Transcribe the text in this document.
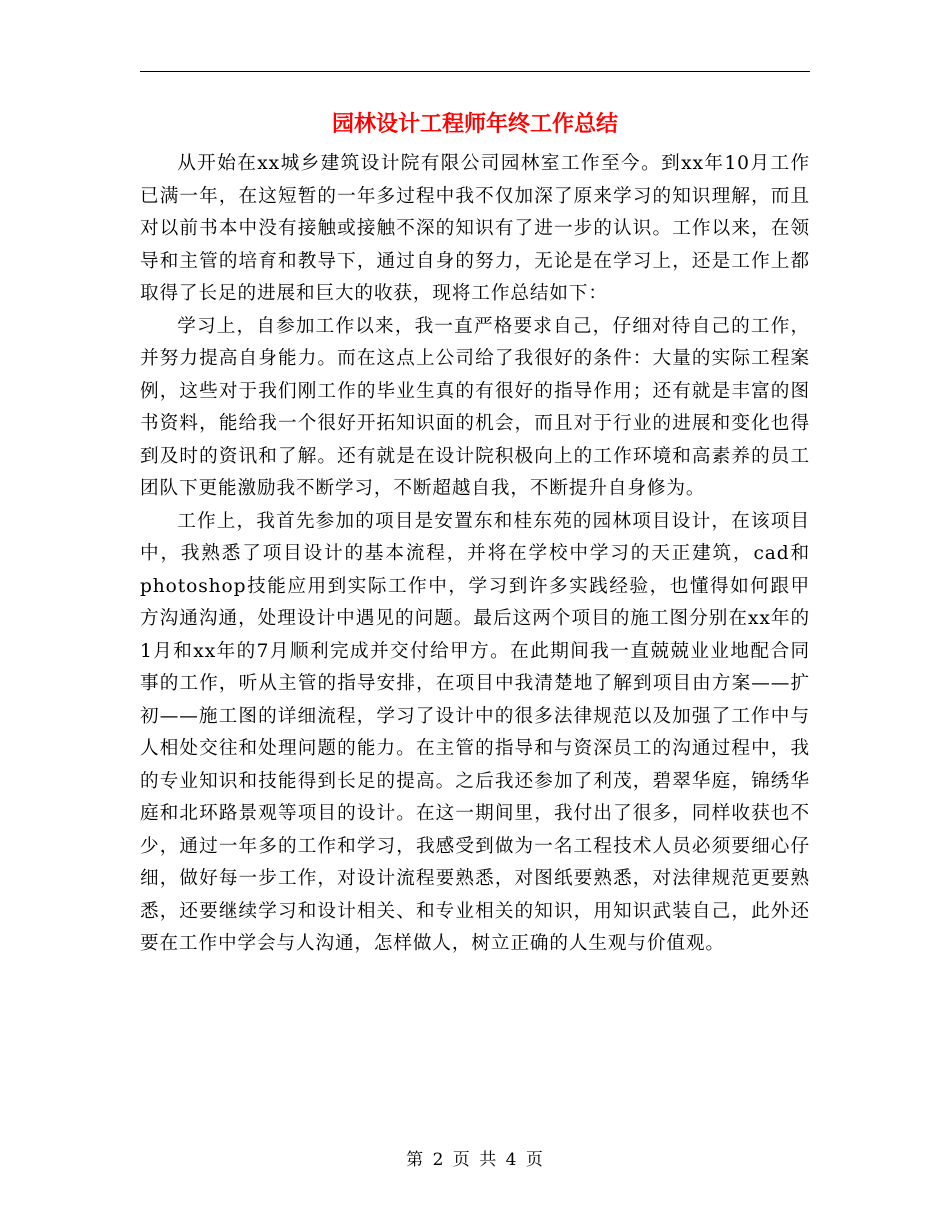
园林设计工程师年终工作总结

从开始在xx城乡建筑设计院有限公司园林室工作至今。到xx年10月工作已满一年，在这短暂的一年多过程中我不仅加深了原来学习的知识理解，而且对以前书本中没有接触或接触不深的知识有了进一步的认识。工作以来，在领导和主管的培育和教导下，通过自身的努力，无论是在学习上，还是工作上都取得了长足的进展和巨大的收获，现将工作总结如下：

学习上，自参加工作以来，我一直严格要求自己，仔细对待自己的工作，并努力提高自身能力。而在这点上公司给了我很好的条件：大量的实际工程案例，这些对于我们刚工作的毕业生真的有很好的指导作用；还有就是丰富的图书资料，能给我一个很好开拓知识面的机会，而且对于行业的进展和变化也得到及时的资讯和了解。还有就是在设计院积极向上的工作环境和高素养的员工团队下更能激励我不断学习，不断超越自我，不断提升自身修为。

工作上，我首先参加的项目是安置东和桂东苑的园林项目设计，在该项目中，我熟悉了项目设计的基本流程，并将在学校中学习的天正建筑，cad和photoshop技能应用到实际工作中，学习到许多实践经验，也懂得如何跟甲方沟通沟通，处理设计中遇见的问题。最后这两个项目的施工图分别在xx年的1月和xx年的7月顺利完成并交付给甲方。在此期间我一直兢兢业业地配合同事的工作，听从主管的指导安排，在项目中我清楚地了解到项目由方案——扩初——施工图的详细流程，学习了设计中的很多法律规范以及加强了工作中与人相处交往和处理问题的能力。在主管的指导和与资深员工的沟通过程中，我的专业知识和技能得到长足的提高。之后我还参加了利茂，碧翠华庭，锦绣华庭和北环路景观等项目的设计。在这一期间里，我付出了很多，同样收获也不少，通过一年多的工作和学习，我感受到做为一名工程技术人员必须要细心仔细，做好每一步工作，对设计流程要熟悉，对图纸要熟悉，对法律规范更要熟悉，还要继续学习和设计相关、和专业相关的知识，用知识武装自己，此外还要在工作中学会与人沟通，怎样做人，树立正确的人生观与价值观。

第 2 页 共 4 页
